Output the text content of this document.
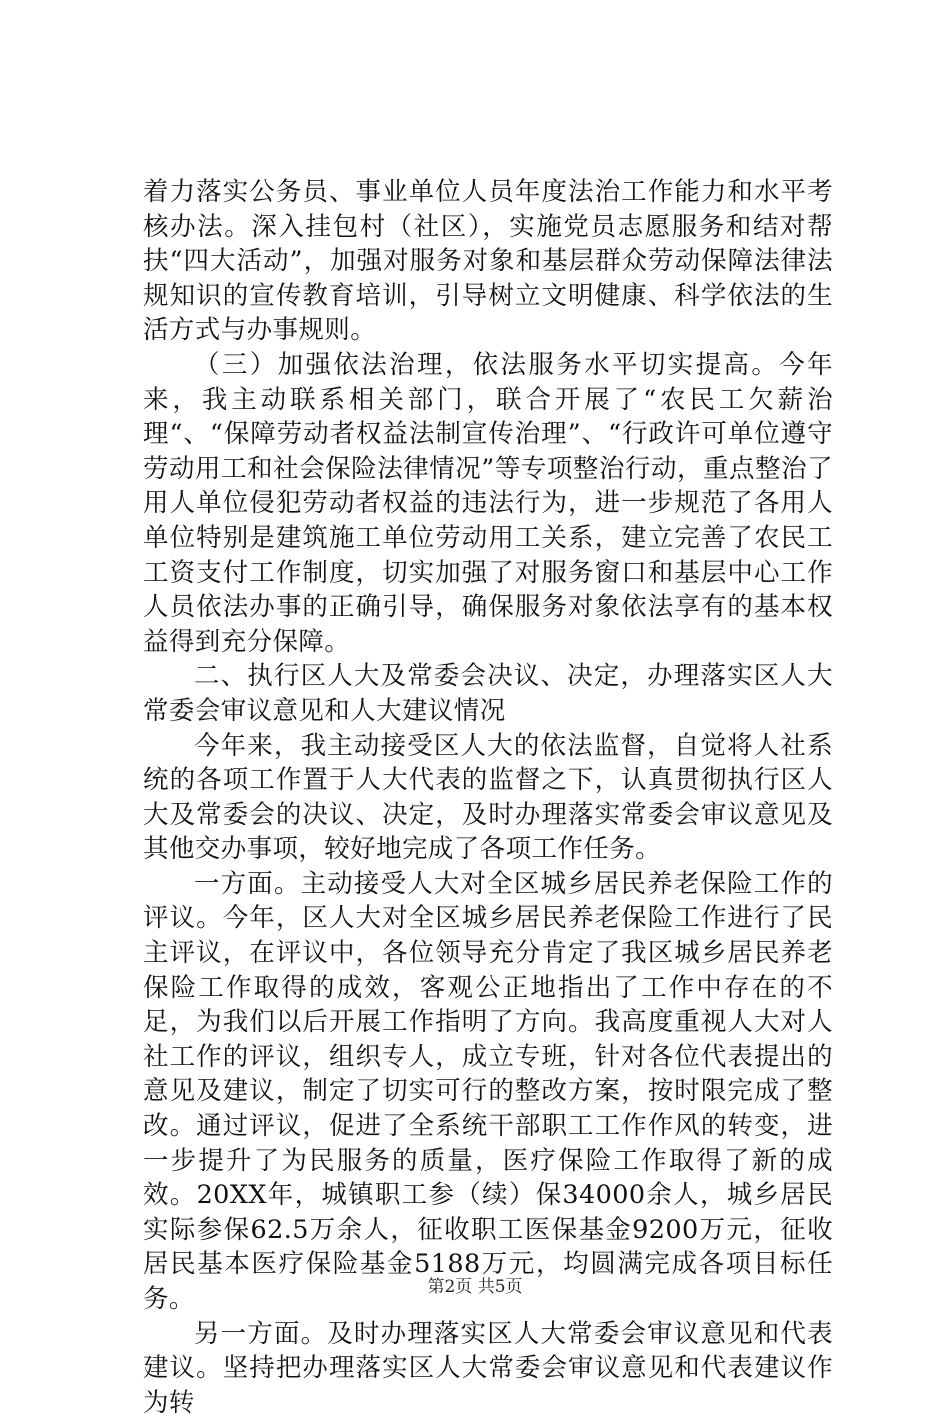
着力落实公务员、事业单位人员年度法治工作能力和水平考核办法。深入挂包村（社区），实施党员志愿服务和结对帮扶“四大活动”，加强对服务对象和基层群众劳动保障法律法规知识的宣传教育培训，引导树立文明健康、科学依法的生活方式与办事规则。

（三）加强依法治理，依法服务水平切实提高。今年来，我主动联系相关部门，联合开展了“农民工欠薪治理“、“保障劳动者权益法制宣传治理”、“行政许可单位遵守劳动用工和社会保险法律情况”等专项整治行动，重点整治了用人单位侵犯劳动者权益的违法行为，进一步规范了各用人单位特别是建筑施工单位劳动用工关系，建立完善了农民工工资支付工作制度，切实加强了对服务窗口和基层中心工作人员依法办事的正确引导，确保服务对象依法享有的基本权益得到充分保障。

二、执行区人大及常委会决议、决定，办理落实区人大常委会审议意见和人大建议情况

今年来，我主动接受区人大的依法监督，自觉将人社系统的各项工作置于人大代表的监督之下，认真贯彻执行区人大及常委会的决议、决定，及时办理落实常委会审议意见及其他交办事项，较好地完成了各项工作任务。

一方面。主动接受人大对全区城乡居民养老保险工作的评议。今年，区人大对全区城乡居民养老保险工作进行了民主评议，在评议中，各位领导充分肯定了我区城乡居民养老保险工作取得的成效，客观公正地指出了工作中存在的不足，为我们以后开展工作指明了方向。我高度重视人大对人社工作的评议，组织专人，成立专班，针对各位代表提出的意见及建议，制定了切实可行的整改方案，按时限完成了整改。通过评议，促进了全系统干部职工工作作风的转变，进一步提升了为民服务的质量，医疗保险工作取得了新的成效。20XX年，城镇职工参（续）保34000余人，城乡居民实际参保62.5万余人，征收职工医保基金9200万元，征收居民基本医疗保险基金5188万元，均圆满完成各项目标任务。

另一方面。及时办理落实区人大常委会审议意见和代表建议。坚持把办理落实区人大常委会审议意见和代表建议作为转

第2页 共5页
